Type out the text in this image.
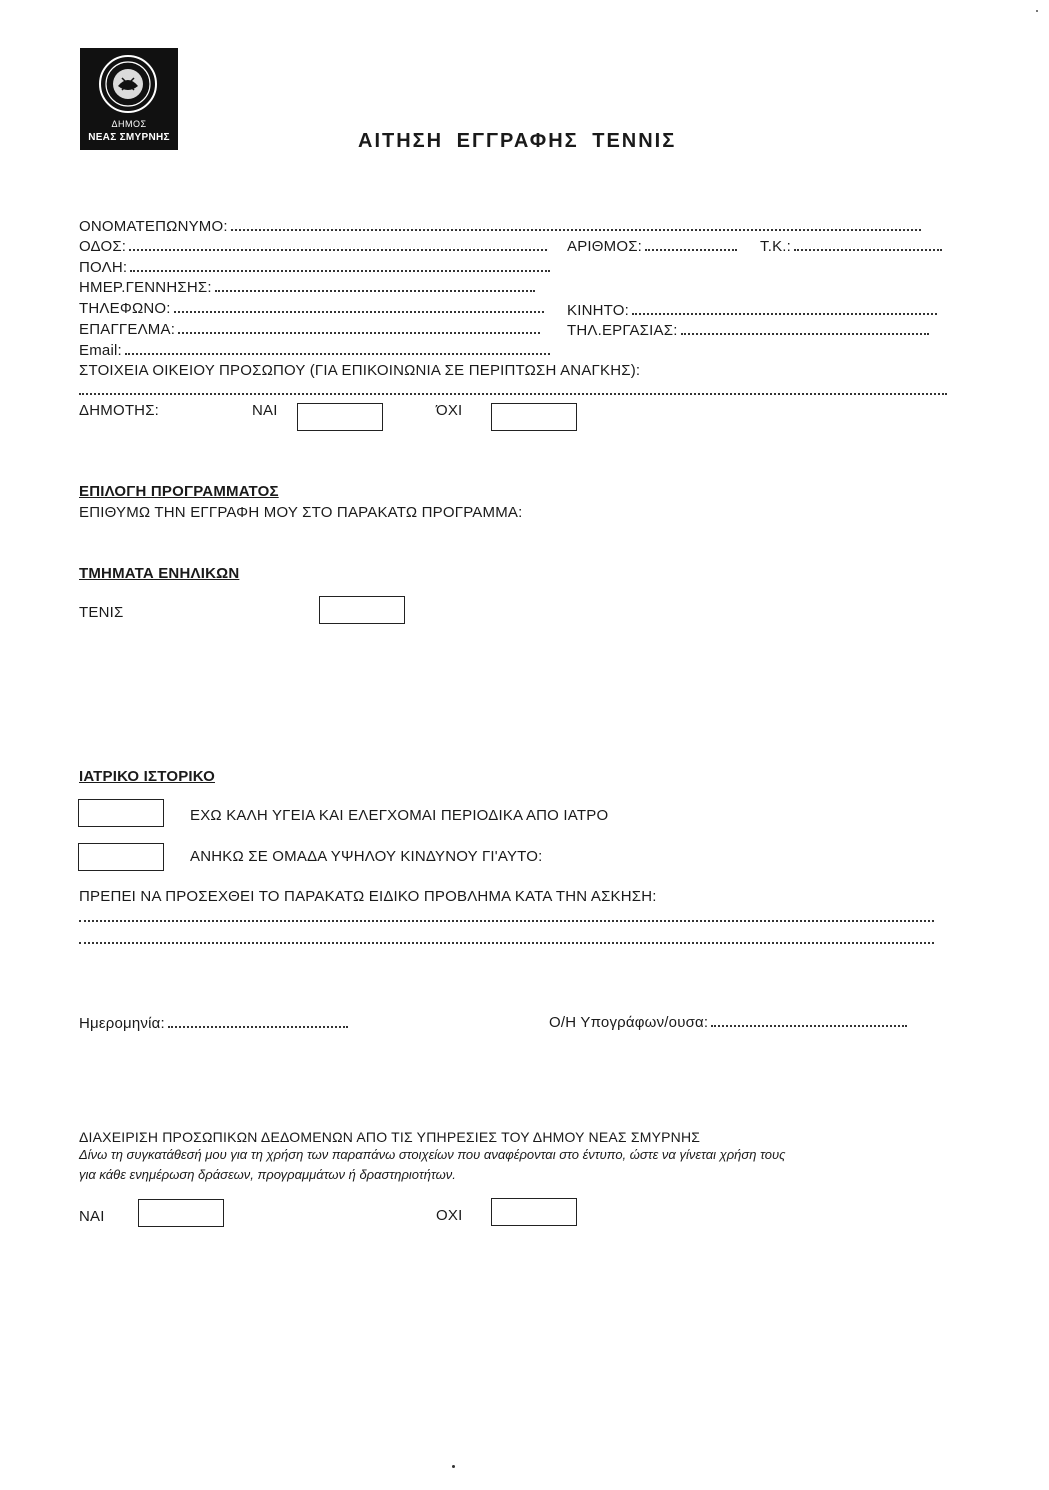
ΔΗΜΟΣ
ΝΕΑΣ ΣΜΥΡΝΗΣ	ΑΙΤΗΣΗ ΕΓΓΡΑΦΗΣ ΤΕΝΝΙΣ
ΟΝΟΜΑΤΕΠΩΝΥΜΟ:
ΟΔΟΣ:	ΑΡΙΘΜΟΣ:	Τ.Κ.:
ΠΟΛΗ:
ΗΜΕΡ.ΓΕΝΝΗΣΗΣ:
ΤΗΛΕΦΩΝΟ:	ΚΙΝΗΤΟ:
ΕΠΑΓΓΕΛΜΑ:	ΤΗΛ.ΕΡΓΑΣΙΑΣ:
Email:
ΣΤΟΙΧΕΙΑ ΟΙΚΕΙΟΥ ΠΡΟΣΩΠΟΥ (ΓΙΑ ΕΠΙΚΟΙΝΩΝΙΑ ΣΕ ΠΕΡΙΠΤΩΣΗ ΑΝΑΓΚΗΣ):
ΔΗΜΟΤΗΣ:	ΝΑΙ	ΌΧΙ
ΕΠΙΛΟΓΗ ΠΡΟΓΡΑΜΜΑΤΟΣ
ΕΠΙΘΥΜΩ ΤΗΝ ΕΓΓΡΑΦΗ ΜΟΥ ΣΤΟ ΠΑΡΑΚΑΤΩ ΠΡΟΓΡΑΜΜΑ:
ΤΜΗΜΑΤΑ ΕΝΗΛΙΚΩΝ
ΤΕΝΙΣ
ΙΑΤΡΙΚΟ ΙΣΤΟΡΙΚΟ
ΕΧΩ ΚΑΛΗ ΥΓΕΙΑ ΚΑΙ ΕΛΕΓΧΟΜΑΙ ΠΕΡΙΟΔΙΚΑ ΑΠΟ ΙΑΤΡΟ
ΑΝΗΚΩ ΣΕ ΟΜΑΔΑ ΥΨΗΛΟΥ ΚΙΝΔΥΝΟΥ ΓΙ'ΑΥΤΟ:
ΠΡΕΠΕΙ ΝΑ ΠΡΟΣΕΧΘΕΙ ΤΟ ΠΑΡΑΚΑΤΩ ΕΙΔΙΚΟ ΠΡΟΒΛΗΜΑ ΚΑΤΑ ΤΗΝ ΑΣΚΗΣΗ:
Ημερομηνία:	Ο/Η Υπογράφων/ουσα:
ΔΙΑΧΕΙΡΙΣΗ ΠΡΟΣΩΠΙΚΩΝ ΔΕΔΟΜΕΝΩΝ ΑΠΟ ΤΙΣ ΥΠΗΡΕΣΙΕΣ ΤΟΥ ΔΗΜΟΥ ΝΕΑΣ ΣΜΥΡΝΗΣ
Δίνω τη συγκατάθεσή μου για τη χρήση των παραπάνω στοιχείων που αναφέρονται στο έντυπο, ώστε να γίνεται χρήση τους
για κάθε ενημέρωση δράσεων, προγραμμάτων ή δραστηριοτήτων.
ΝΑΙ	ΟΧΙ
